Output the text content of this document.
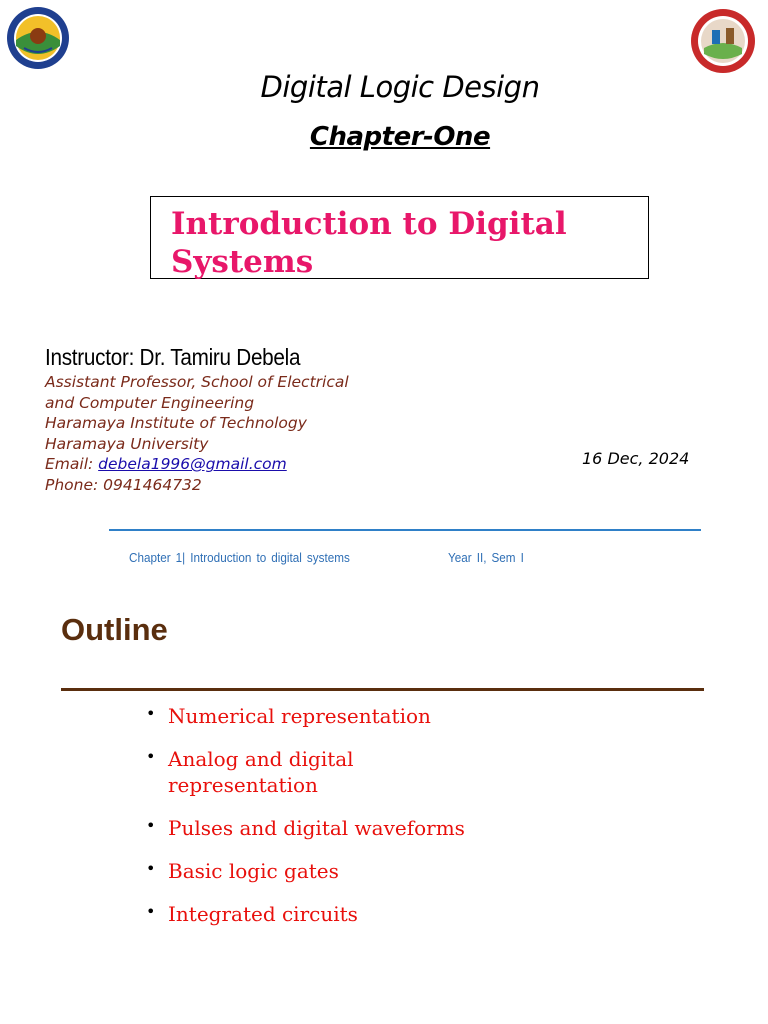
Digital Logic Design
Chapter-One
Introduction to Digital Systems
Instructor: Dr. Tamiru Debela
Assistant Professor, School of Electrical
and Computer Engineering
Haramaya Institute of Technology
Haramaya University
Email: debela1996@gmail.com
Phone: 0941464732
16 Dec, 2024
Chapter 1| Introduction to digital systems	Year II, Sem I
Outline
• Numerical representation
• Analog and digital representation
• Pulses and digital waveforms
• Basic logic gates
• Integrated circuits
